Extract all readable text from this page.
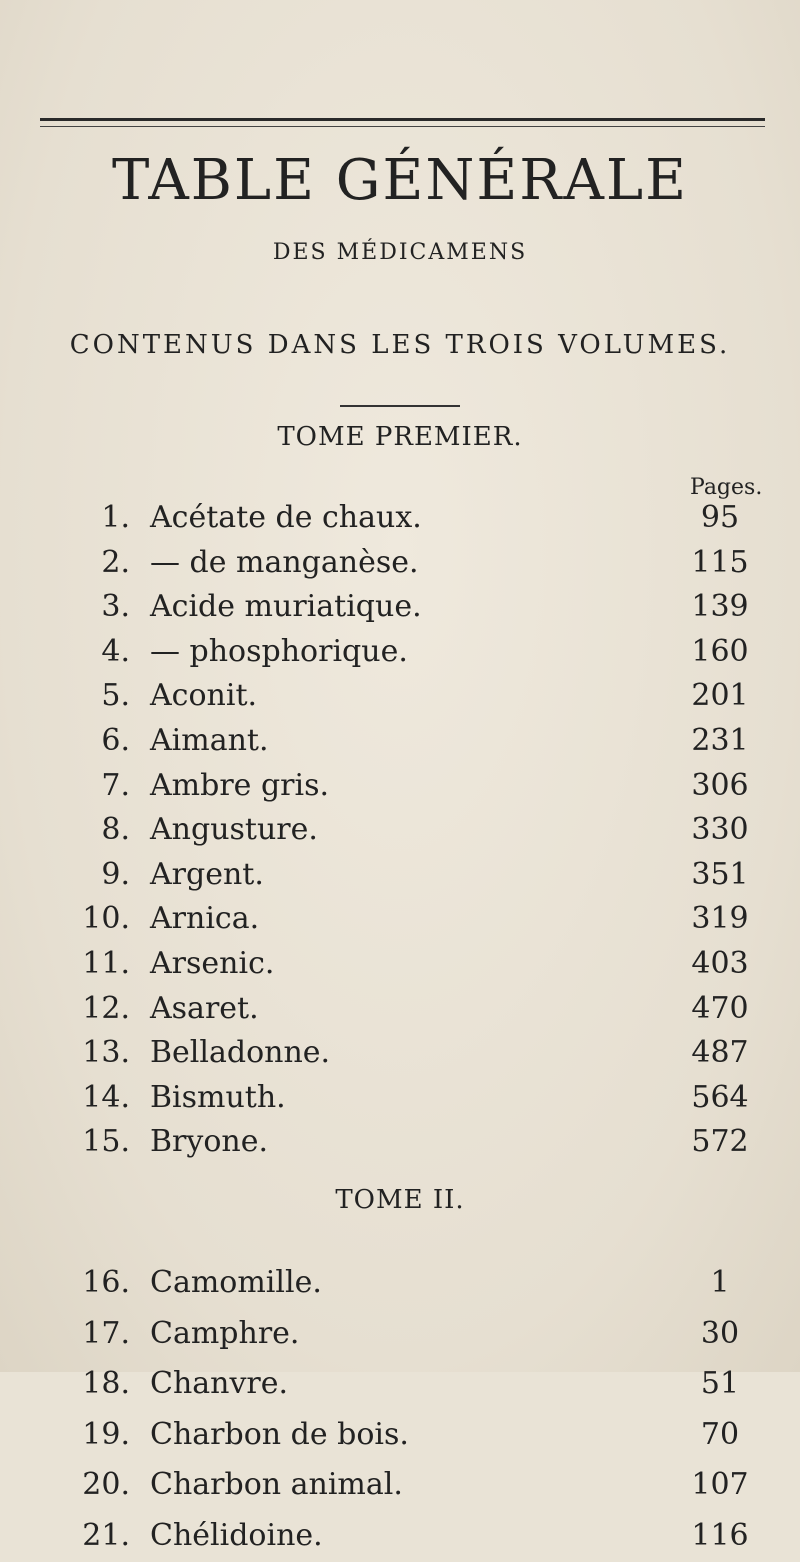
TABLE GÉNÉRALE
DES MÉDICAMENS
CONTENUS DANS LES TROIS VOLUMES.
TOME PREMIER.
Pages.
1. Acétate de chaux.	95
2. — de manganèse.	115
3. Acide muriatique.	139
4. — phosphorique.	160
5. Aconit.	201
6. Aimant.	231
7. Ambre gris.	306
8. Angusture.	330
9. Argent.	351
10. Arnica.	319
11. Arsenic.	403
12. Asaret.	470
13. Belladonne.	487
14. Bismuth.	564
15. Bryone.	572
TOME II.
16. Camomille.	1
17. Camphre.	30
18. Chanvre.	51
19. Charbon de bois.	70
20. Charbon animal.	107
21. Chélidoine.	116
